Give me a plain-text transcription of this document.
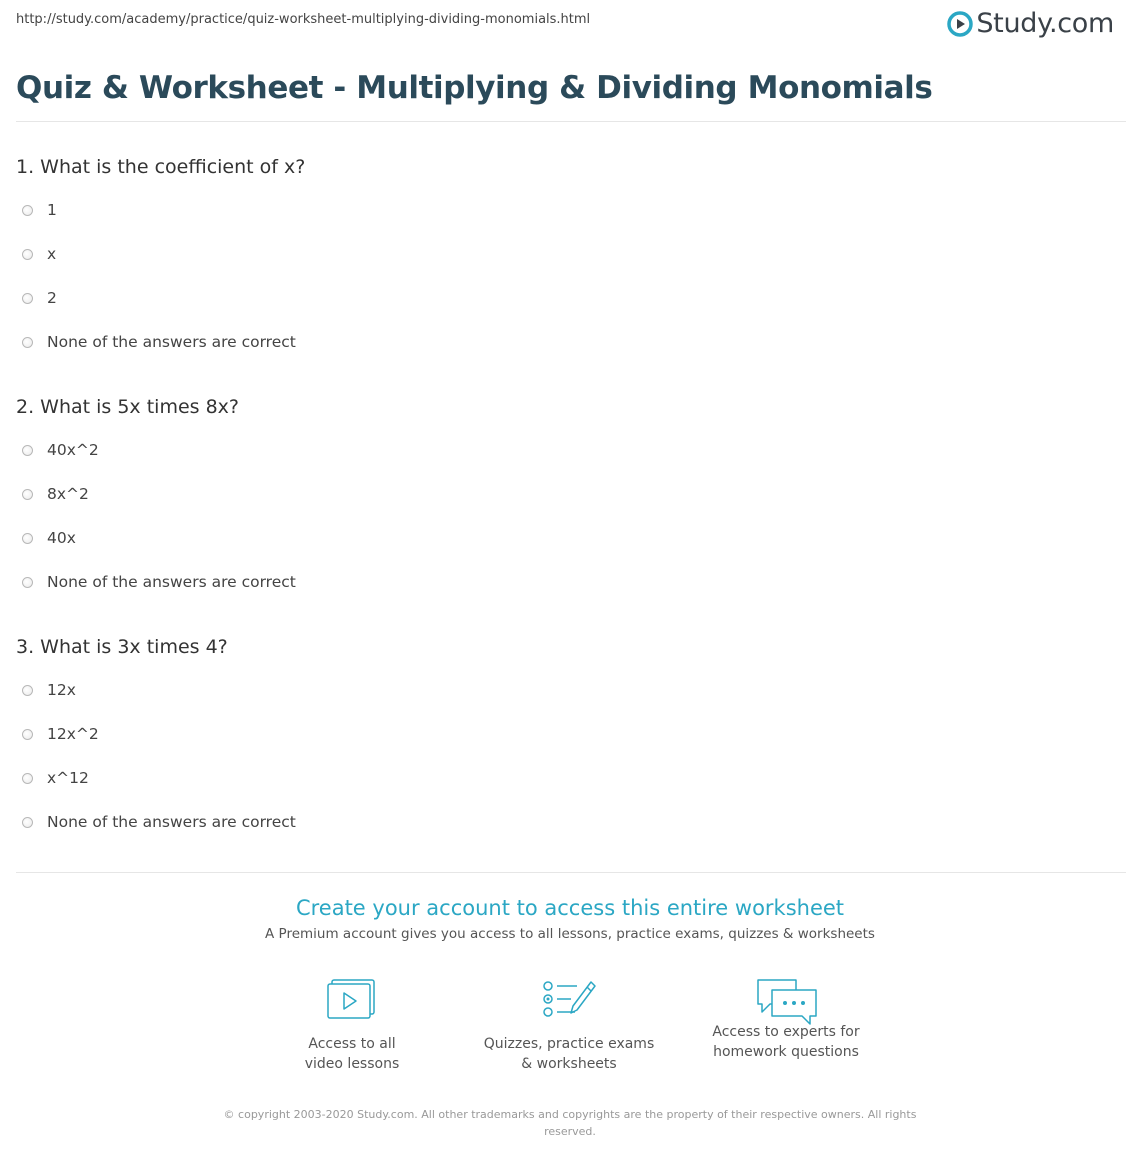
http://study.com/academy/practice/quiz-worksheet-multiplying-dividing-monomials.html	Study.com
Quiz & Worksheet - Multiplying & Dividing Monomials
1. What is the coefficient of x?
1
x
2
None of the answers are correct
2. What is 5x times 8x?
40x^2
8x^2
40x
None of the answers are correct
3. What is 3x times 4?
12x
12x^2
x^12
None of the answers are correct
Create your account to access this entire worksheet
A Premium account gives you access to all lessons, practice exams, quizzes & worksheets
Access to all
video lessons
Quizzes, practice exams
& worksheets
Access to experts for
homework questions
© copyright 2003-2020 Study.com. All other trademarks and copyrights are the property of their respective owners. All rights
reserved.
